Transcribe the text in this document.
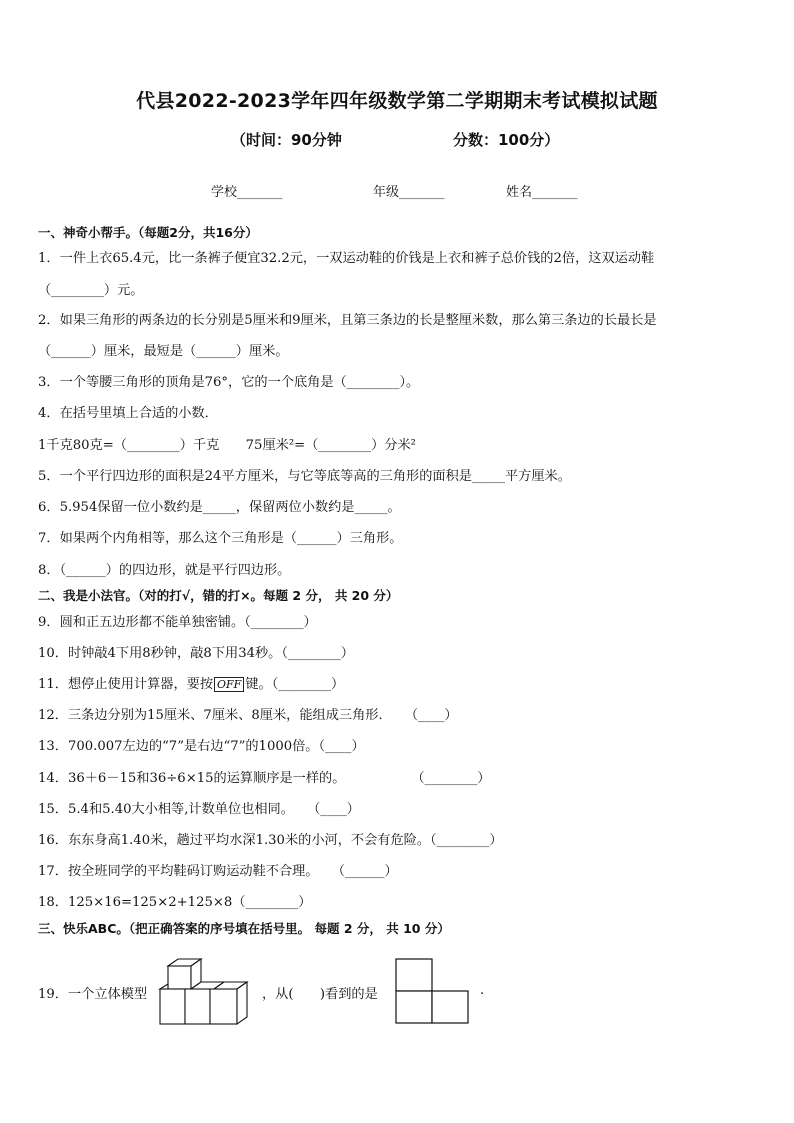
代县2022-2023学年四年级数学第二学期期末考试模拟试题
（时间：90分钟	分数：100分）
学校_______	年级_______	姓名_______
一、神奇小帮手。（每题2分，共16分）
1．一件上衣65.4元，比一条裤子便宜32.2元，一双运动鞋的价钱是上衣和裤子总价钱的2倍，这双运动鞋
（________）元。
2．如果三角形的两条边的长分别是5厘米和9厘米，且第三条边的长是整厘米数，那么第三条边的长最长是
（______）厘米，最短是（______）厘米。
3．一个等腰三角形的顶角是76°，它的一个底角是（________）。
4．在括号里填上合适的小数．
1千克80克=（________）千克　　75厘米²=（________）分米²
5．一个平行四边形的面积是24平方厘米，与它等底等高的三角形的面积是_____平方厘米。
6．5.954保留一位小数约是_____，保留两位小数约是_____。
7．如果两个内角相等，那么这个三角形是（______）三角形。
8．（______）的四边形，就是平行四边形。
二、我是小法官。（对的打√，错的打×。每题 2 分， 共 20 分）
9．圆和正五边形都不能单独密铺。（________）
10．时钟敲4下用8秒钟，敲8下用34秒。（________）
11．想停止使用计算器，要按 OFF 键。（________）
12．三条边分别为15厘米、7厘米、8厘米，能组成三角形．　　（____）
13．700.007左边的“7”是右边“7”的1000倍。（____）
14．36＋6－15和36÷6×15的运算顺序是一样的。　　　　　　（________）
15．5.4和5.40大小相等,计数单位也相同。　　（____）
16．东东身高1.40米，趟过平均水深1.30米的小河，不会有危险。（________）
17．按全班同学的平均鞋码订购运动鞋不合理。　　（______）
18．125×16=125×2+125×8（________）
三、快乐ABC。（把正确答案的序号填在括号里。 每题 2 分， 共 10 分）
19．一个立体模型	，从(　　)看到的是	.
